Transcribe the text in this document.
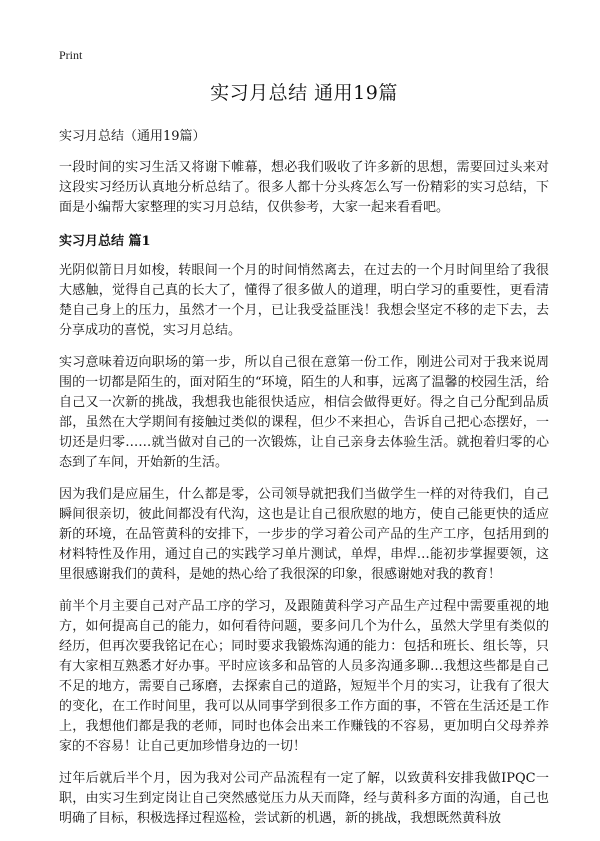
Print
实习月总结 通用19篇
实习月总结（通用19篇）

一段时间的实习生活又将谢下帷幕，想必我们吸收了许多新的思想，需要回过头来对这段实习经历认真地分析总结了。很多人都十分头疼怎么写一份精彩的实习总结，下面是小编帮大家整理的实习月总结，仅供参考，大家一起来看看吧。

实习月总结 篇1

光阴似箭日月如梭，转眼间一个月的时间悄然离去，在过去的一个月时间里给了我很大感触，觉得自己真的长大了，懂得了很多做人的道理，明白学习的重要性，更看清楚自己身上的压力，虽然才一个月，已让我受益匪浅！我想会坚定不移的走下去，去分享成功的喜悦，实习月总结。

实习意味着迈向职场的第一步，所以自己很在意第一份工作，刚进公司对于我来说周围的一切都是陌生的，面对陌生的“环境，陌生的人和事，远离了温馨的校园生活，给自己又一次新的挑战，我想我也能很快适应，相信会做得更好。得之自己分配到品质部，虽然在大学期间有接触过类似的课程，但少不来担心，告诉自己把心态摆好，一切还是归零……就当做对自己的一次锻炼，让自己亲身去体验生活。就抱着归零的心态到了车间，开始新的生活。

因为我们是应届生，什么都是零，公司领导就把我们当做学生一样的对待我们，自己瞬间很亲切，彼此间都没有代沟，这也是让自己很欣慰的地方，使自己能更快的适应新的环境，在品管黄科的安排下，一步步的学习着公司产品的生产工序，包括用到的材料特性及作用，通过自己的实践学习单片测试，单焊，串焊…能初步掌握要领，这里很感谢我们的黄科，是她的热心给了我很深的印象，很感谢她对我的教育！

前半个月主要自己对产品工序的学习，及跟随黄科学习产品生产过程中需要重视的地方，如何提高自己的能力，如何看待问题，要多问几个为什么，虽然大学里有类似的经历，但再次要我铭记在心；同时要求我锻炼沟通的能力：包括和班长、组长等，只有大家相互熟悉才好办事。平时应该多和品管的人员多沟通多聊…我想这些都是自己不足的地方，需要自己琢磨，去探索自己的道路，短短半个月的实习，让我有了很大的变化，在工作时间里，我可以从同事学到很多工作方面的事，不管在生活还是工作上，我想他们都是我的老师，同时也体会出来工作赚钱的不容易，更加明白父母养养家的不容易！让自己更加珍惜身边的一切！

过年后就后半个月，因为我对公司产品流程有一定了解，以致黄科安排我做IPQC一职，由实习生到定岗让自己突然感觉压力从天而降，经与黄科多方面的沟通，自己也明确了目标，积极选择过程巡检，尝试新的机遇，新的挑战，我想既然黄科放
